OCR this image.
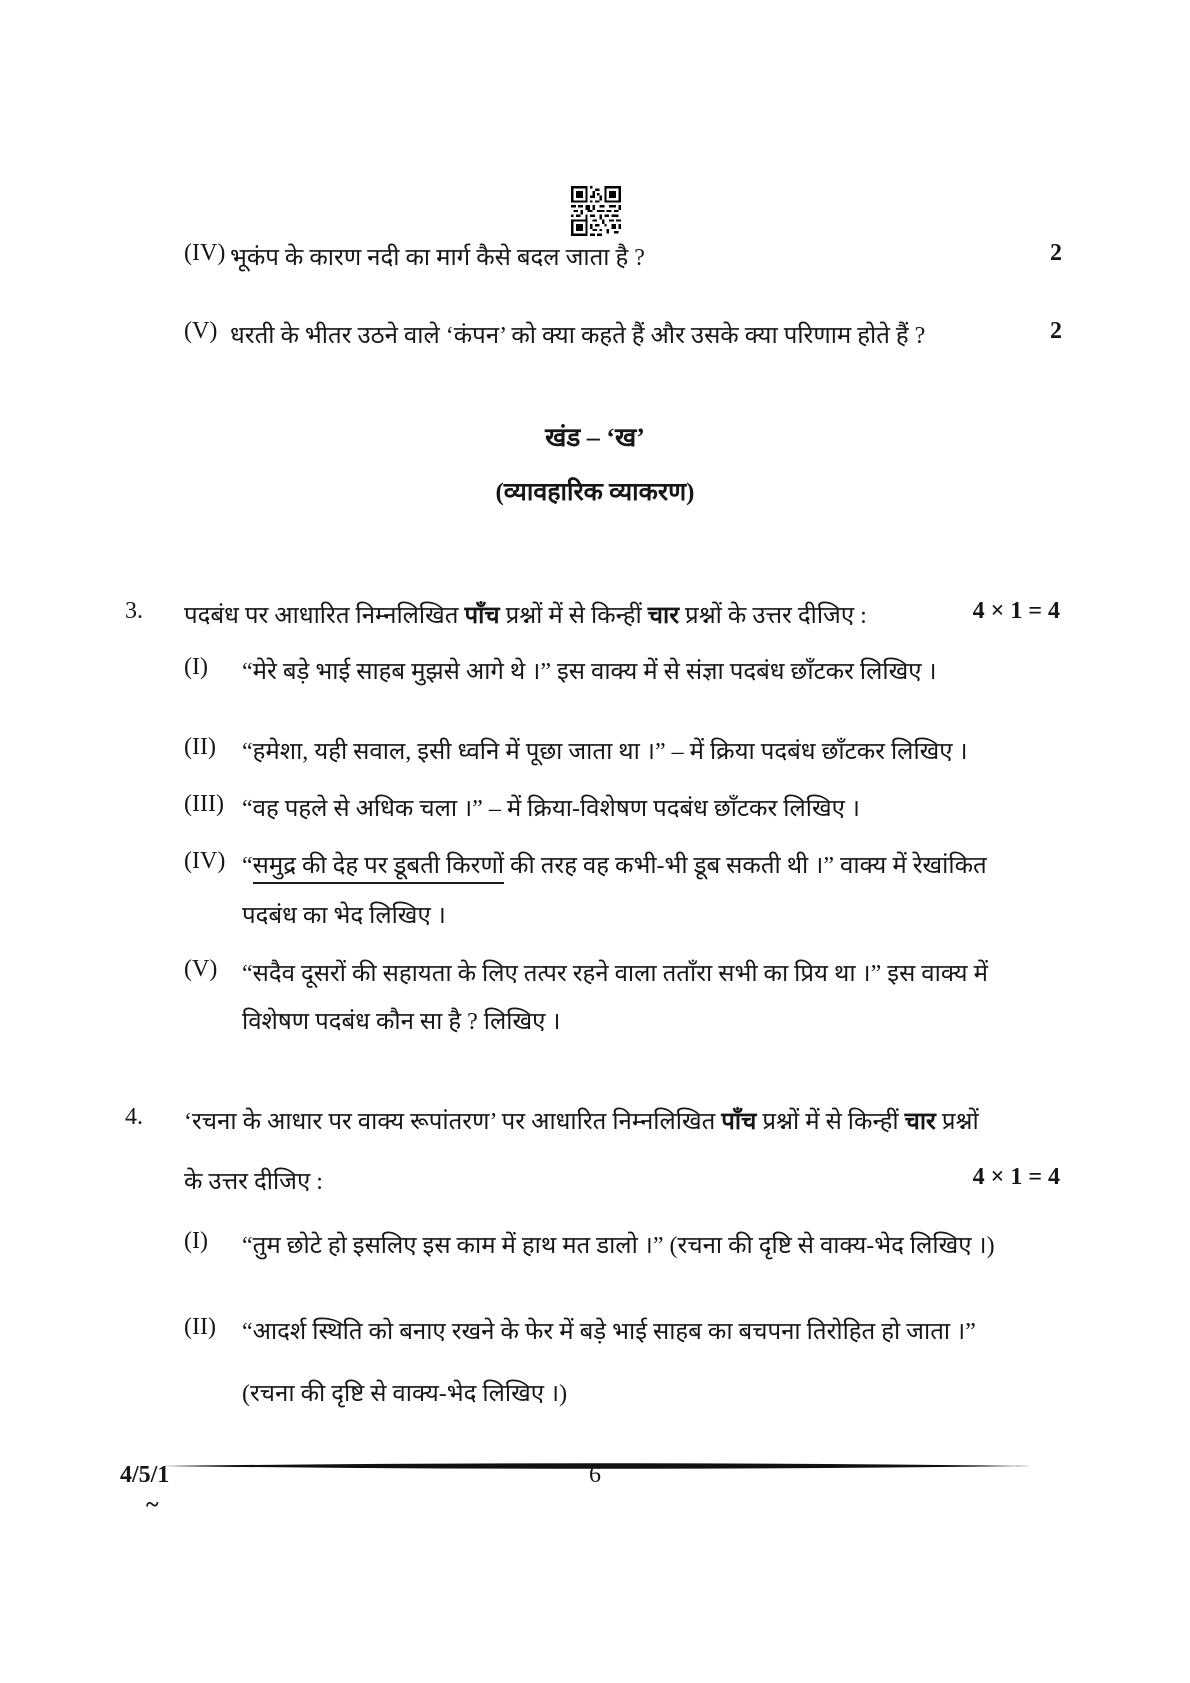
(IV) भूकंप के कारण नदी का मार्ग कैसे बदल जाता है ?	2
(V) धरती के भीतर उठने वाले ‘कंपन’ को क्या कहते हैं और उसके क्या परिणाम होते हैं ?	2
खंड – ‘ख’
(व्यावहारिक व्याकरण)
3. पदबंध पर आधारित निम्नलिखित पाँच प्रश्नों में से किन्हीं चार प्रश्नों के उत्तर दीजिए :	4 × 1 = 4
(I) “मेरे बड़े भाई साहब मुझसे आगे थे ।” इस वाक्य में से संज्ञा पदबंध छाँटकर लिखिए ।
(II) “हमेशा, यही सवाल, इसी ध्वनि में पूछा जाता था ।” – में क्रिया पदबंध छाँटकर लिखिए ।
(III) “वह पहले से अधिक चला ।” – में क्रिया-विशेषण पदबंध छाँटकर लिखिए ।
(IV) “समुद्र की देह पर डूबती किरणों की तरह वह कभी-भी डूब सकती थी ।” वाक्य में रेखांकित
पदबंध का भेद लिखिए ।
(V) “सदैव दूसरों की सहायता के लिए तत्पर रहने वाला तताँरा सभी का प्रिय था ।” इस वाक्य में
विशेषण पदबंध कौन सा है ? लिखिए ।
4. ‘रचना के आधार पर वाक्य रूपांतरण’ पर आधारित निम्नलिखित पाँच प्रश्नों में से किन्हीं चार प्रश्नों
के उत्तर दीजिए :	4 × 1 = 4
(I) “तुम छोटे हो इसलिए इस काम में हाथ मत डालो ।” (रचना की दृष्टि से वाक्य-भेद लिखिए ।)
(II) “आदर्श स्थिति को बनाए रखने के फेर में बड़े भाई साहब का बचपना तिरोहित हो जाता ।”
(रचना की दृष्टि से वाक्य-भेद लिखिए ।)
4/5/1	6
~
